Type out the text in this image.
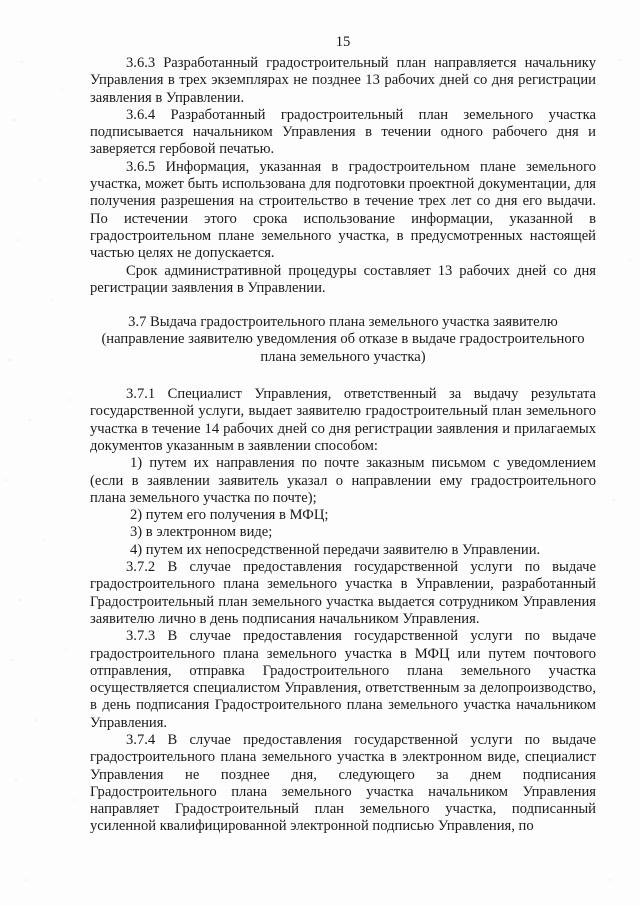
15

3.6.3 Разработанный градостроительный план направляется начальнику Управления в трех экземплярах не позднее 13 рабочих дней со дня регистрации заявления в Управлении.

3.6.4 Разработанный градостроительный план земельного участка подписывается начальником Управления в течении одного рабочего дня и заверяется гербовой печатью.

3.6.5 Информация, указанная в градостроительном плане земельного участка, может быть использована для подготовки проектной документации, для получения разрешения на строительство в течение трех лет со дня его выдачи. По истечении этого срока использование информации, указанной в градостроительном плане земельного участка, в предусмотренных настоящей частью целях не допускается.

Срок административной процедуры составляет 13 рабочих дней со дня регистрации заявления в Управлении.

3.7 Выдача градостроительного плана земельного участка заявителю (направление заявителю уведомления об отказе в выдаче градостроительного плана земельного участка)

3.7.1 Специалист Управления, ответственный за выдачу результата государственной услуги, выдает заявителю градостроительный план земельного участка в течение 14 рабочих дней со дня регистрации заявления и прилагаемых документов указанным в заявлении способом:

1) путем их направления по почте заказным письмом с уведомлением (если в заявлении заявитель указал о направлении ему градостроительного плана земельного участка по почте);

2) путем его получения в МФЦ;

3) в электронном виде;

4) путем их непосредственной передачи заявителю в Управлении.

3.7.2 В случае предоставления государственной услуги по выдаче градостроительного плана земельного участка в Управлении, разработанный Градостроительный план земельного участка выдается сотрудником Управления заявителю лично в день подписания начальником Управления.

3.7.3 В случае предоставления государственной услуги по выдаче градостроительного плана земельного участка в МФЦ или путем почтового отправления, отправка Градостроительного плана земельного участка осуществляется специалистом Управления, ответственным за делопроизводство, в день подписания Градостроительного плана земельного участка начальником Управления.

3.7.4 В случае предоставления государственной услуги по выдаче градостроительного плана земельного участка в электронном виде, специалист Управления не позднее дня, следующего за днем подписания Градостроительного плана земельного участка начальником Управления направляет Градостроительный план земельного участка, подписанный усиленной квалифицированной электронной подписью Управления, по
